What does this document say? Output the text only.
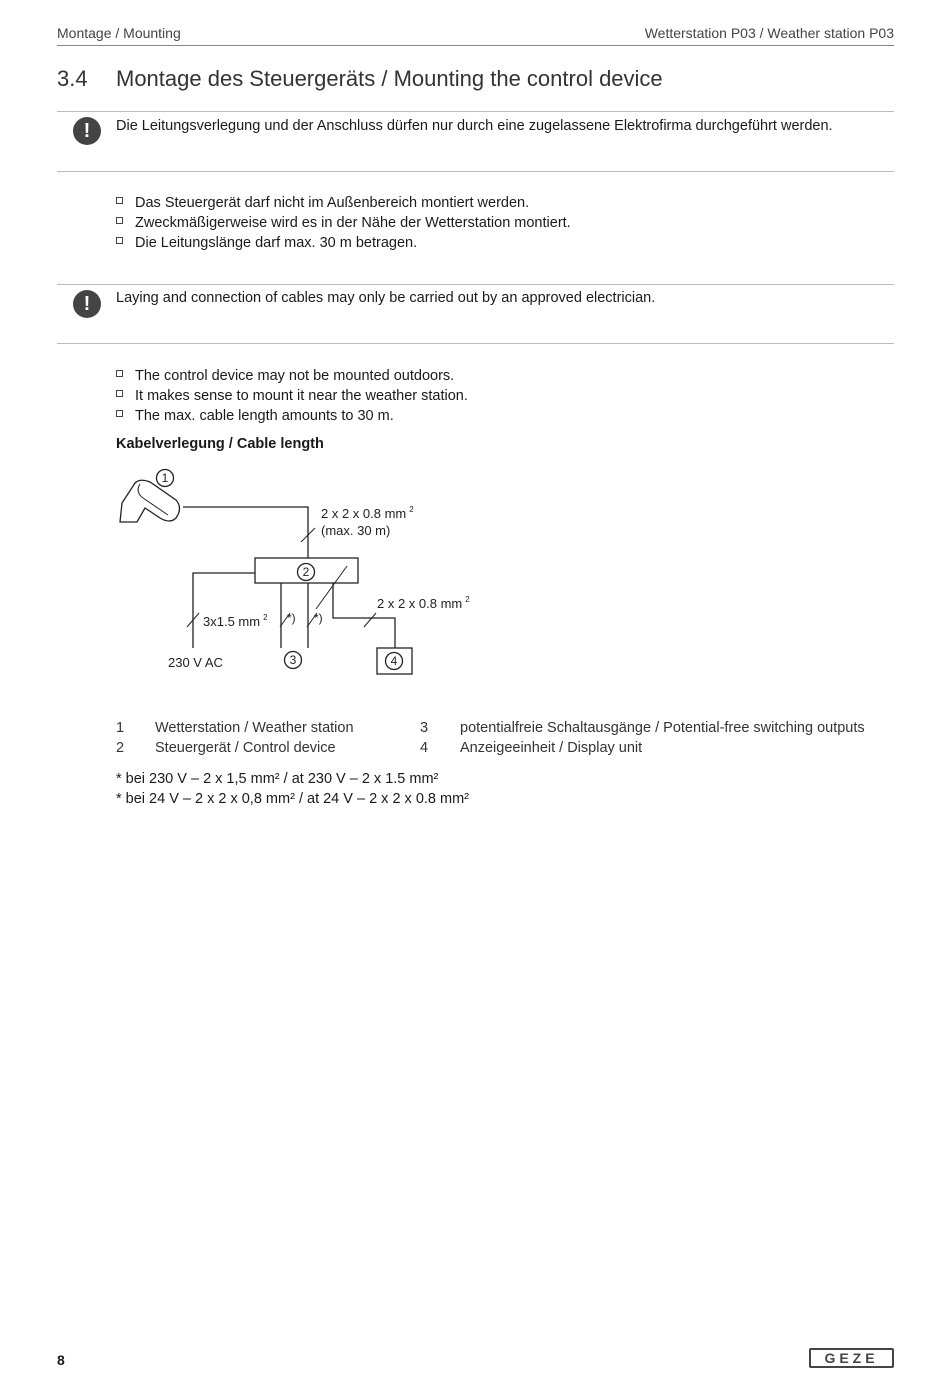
Montage / Mounting	Wetterstation P03 / Weather station P03
3.4 Montage des Steuergeräts / Mounting the control device
!	Die Leitungsverlegung und der Anschluss dürfen nur durch eine zugelassene Elektrofirma durchgeführt werden.
Das Steuergerät darf nicht im Außenbereich montiert werden.
Zweckmäßigerweise wird es in der Nähe der Wetterstation montiert.
Die Leitungslänge darf max. 30 m betragen.
!	Laying and connection of cables may only be carried out by an approved electrician.
The control device may not be mounted outdoors.
It makes sense to mount it near the weather station.
The max. cable length amounts to 30 m.
Kabelverlegung / Cable length
1
2
3	4
2 x 2 x 0.8 mm $^2$
(max. 30 m)
3x1.5 mm $^2$ *) *)
2 x 2 x 0.8 mm $^2$
230 V AC
1 Wetterstation / Weather station
2 Steuergerät / Control device
3 potentialfreie Schaltausgänge / Potential-free switching outputs
4 Anzeigeeinheit / Display unit
* bei 230 V – 2 x 1,5 mm² / at 230 V – 2 x 1.5 mm²
* bei 24 V – 2 x 2 x 0,8 mm² / at 24 V – 2 x 2 x 0.8 mm²
8	GEZE
